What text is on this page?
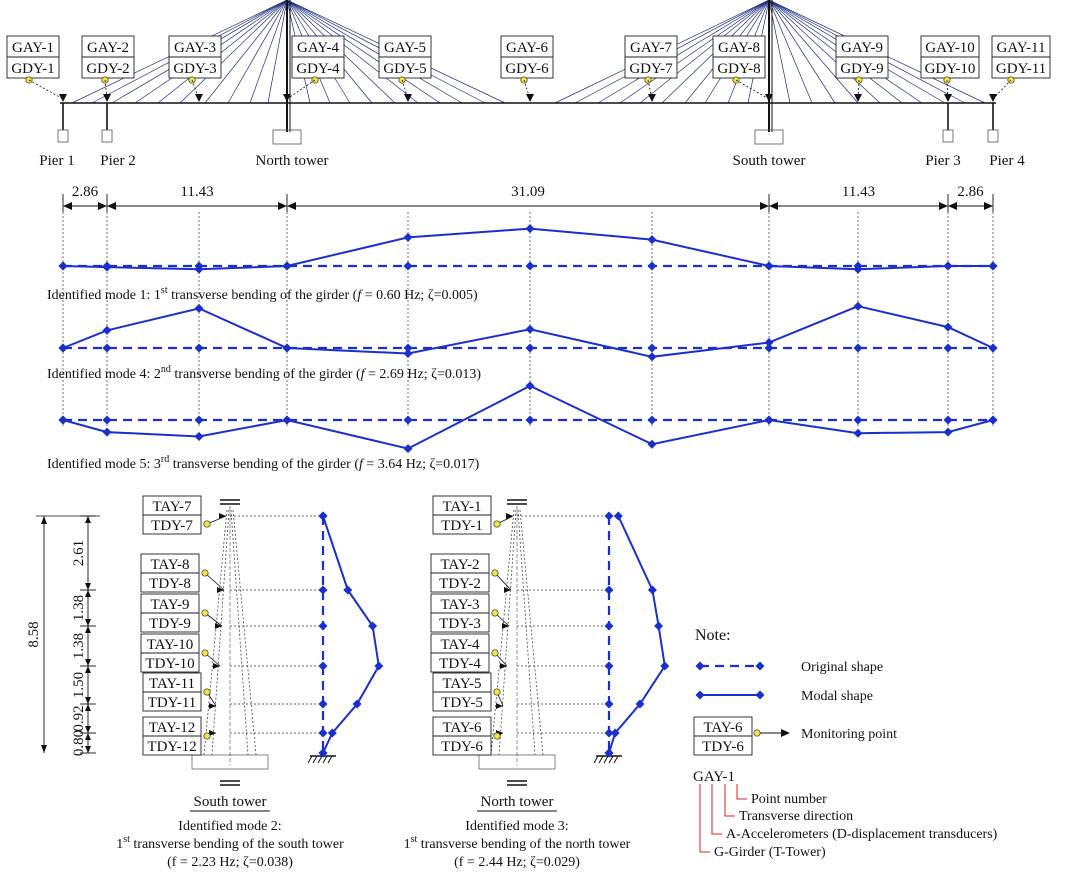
Pier 1 Pier 2	North tower	South tower	Pier 3 Pier 4
GAY-1
GDY-1
GAY-2
GDY-2
GAY-3
GDY-3
GAY-4
GDY-4
GAY-5
GDY-5
GAY-6
GDY-6
GAY-7
GDY-7
GAY-8
GDY-8
GAY-9
GDY-9
GAY-10
GDY-10
GAY-11
GDY-11
2.86	11.43	31.09	11.43	2.86
Identified mode 1: 1st transverse bending of the girder (f = 0.60 Hz; ζ=0.005)
Identified mode 4: 2nd transverse bending of the girder (f = 2.69 Hz; ζ=0.013)
Identified mode 5: 3rd transverse bending of the girder (f = 3.64 Hz; ζ=0.017)
2.61
1.38
1.38
1.50
0.92
0.80
8.58
TAY-7
TDY-7
TAY-8
TDY-8
TAY-9
TDY-9
TAY-10
TDY-10
TAY-11
TDY-11
TAY-12
TDY-12
South tower
Identified mode 2:
1st transverse bending of the south tower
(f = 2.23 Hz; ζ=0.038)
TAY-1
TDY-1
TAY-2
TDY-2
TAY-3
TDY-3
TAY-4
TDY-4
TAY-5
TDY-5
TAY-6
TDY-6
North tower
Identified mode 3:
1st transverse bending of the north tower
(f = 2.44 Hz; ζ=0.029)
Note:
Original shape
Modal shape
TAY-6
TDY-6
Monitoring point
GAY-1
Point number
Transverse direction
A-Accelerometers (D-displacement transducers)
G-Girder (T-Tower)
